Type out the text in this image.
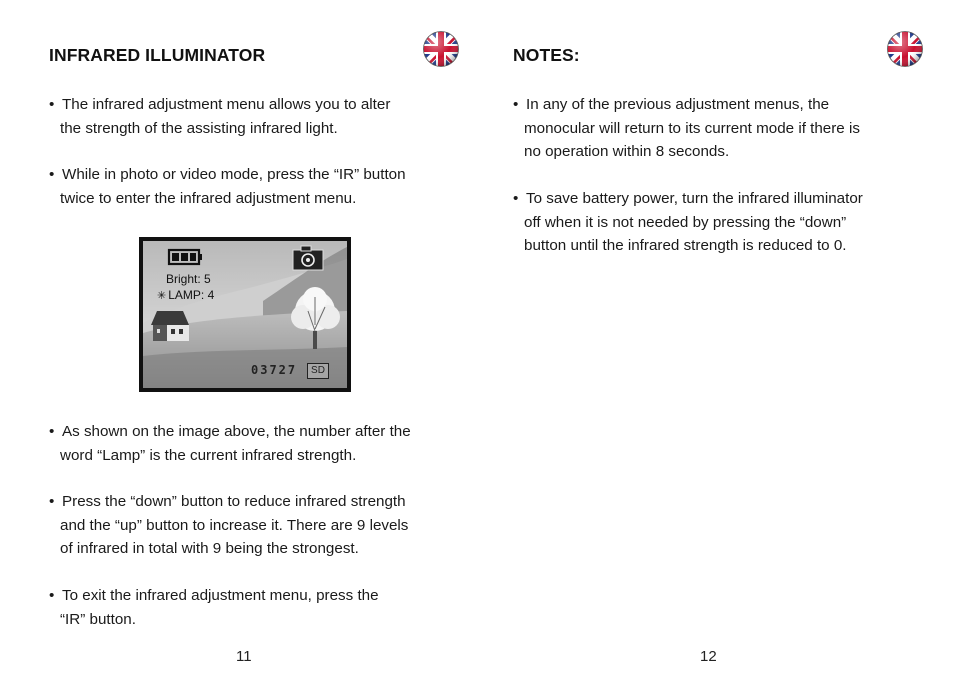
INFRARED ILLUMINATOR
• The infrared adjustment menu allows you to alter
the strength of the assisting infrared light.
• While in photo or video mode, press the “IR” button
twice to enter the infrared adjustment menu.
Bright: 5
✳ LAMP: 4
03727	SD
• As shown on the image above, the number after the
word “Lamp” is the current infrared strength.
• Press the “down” button to reduce infrared strength
and the “up” button to increase it. There are 9 levels
of infrared in total with 9 being the strongest.
• To exit the infrared adjustment menu, press the
“IR” button.
11
NOTES:
• In any of the previous adjustment menus, the
monocular will return to its current mode if there is
no operation within 8 seconds.
• To save battery power, turn the infrared illuminator
off when it is not needed by pressing the “down”
button until the infrared strength is reduced to 0.
12
